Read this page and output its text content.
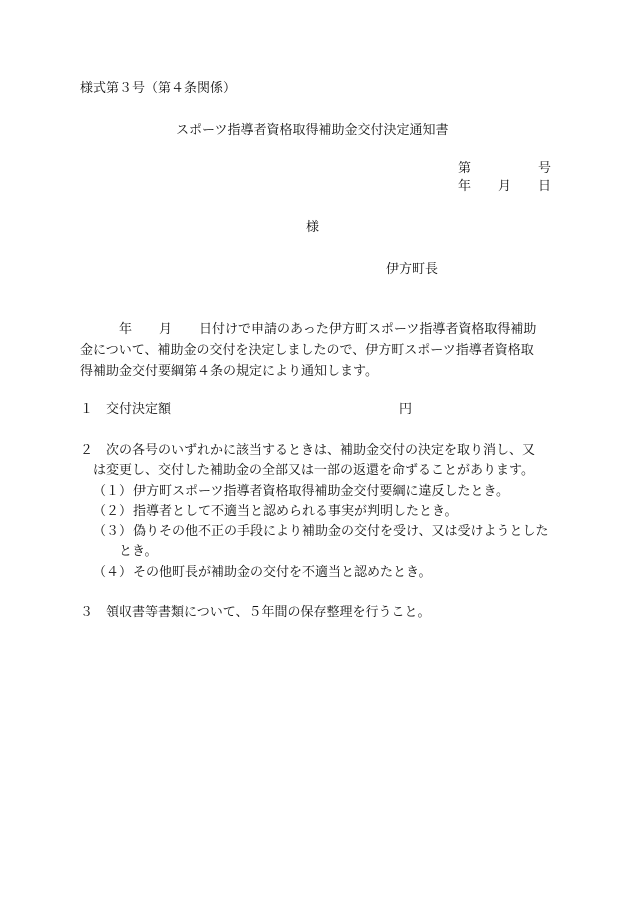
様式第３号（第４条関係）
スポーツ指導者資格取得補助金交付決定通知書
第	号
年 月 日
様
伊方町長
年 月 日付けで申請のあった伊方町スポーツ指導者資格取得補助
金について、補助金の交付を決定しましたので、伊方町スポーツ指導者資格取
得補助金交付要綱第４条の規定により通知します。
１ 交付決定額	円
２ 次の各号のいずれかに該当するときは、補助金交付の決定を取り消し、又
は変更し、交付した補助金の全部又は一部の返還を命ずることがあります。
（１） 伊方町スポーツ指導者資格取得補助金交付要綱に違反したとき。
（２） 指導者として不適当と認められる事実が判明したとき。
（３） 偽りその他不正の手段により補助金の交付を受け、又は受けようとした
とき。
（４） その他町長が補助金の交付を不適当と認めたとき。
３ 領収書等書類について、５年間の保存整理を行うこと。
